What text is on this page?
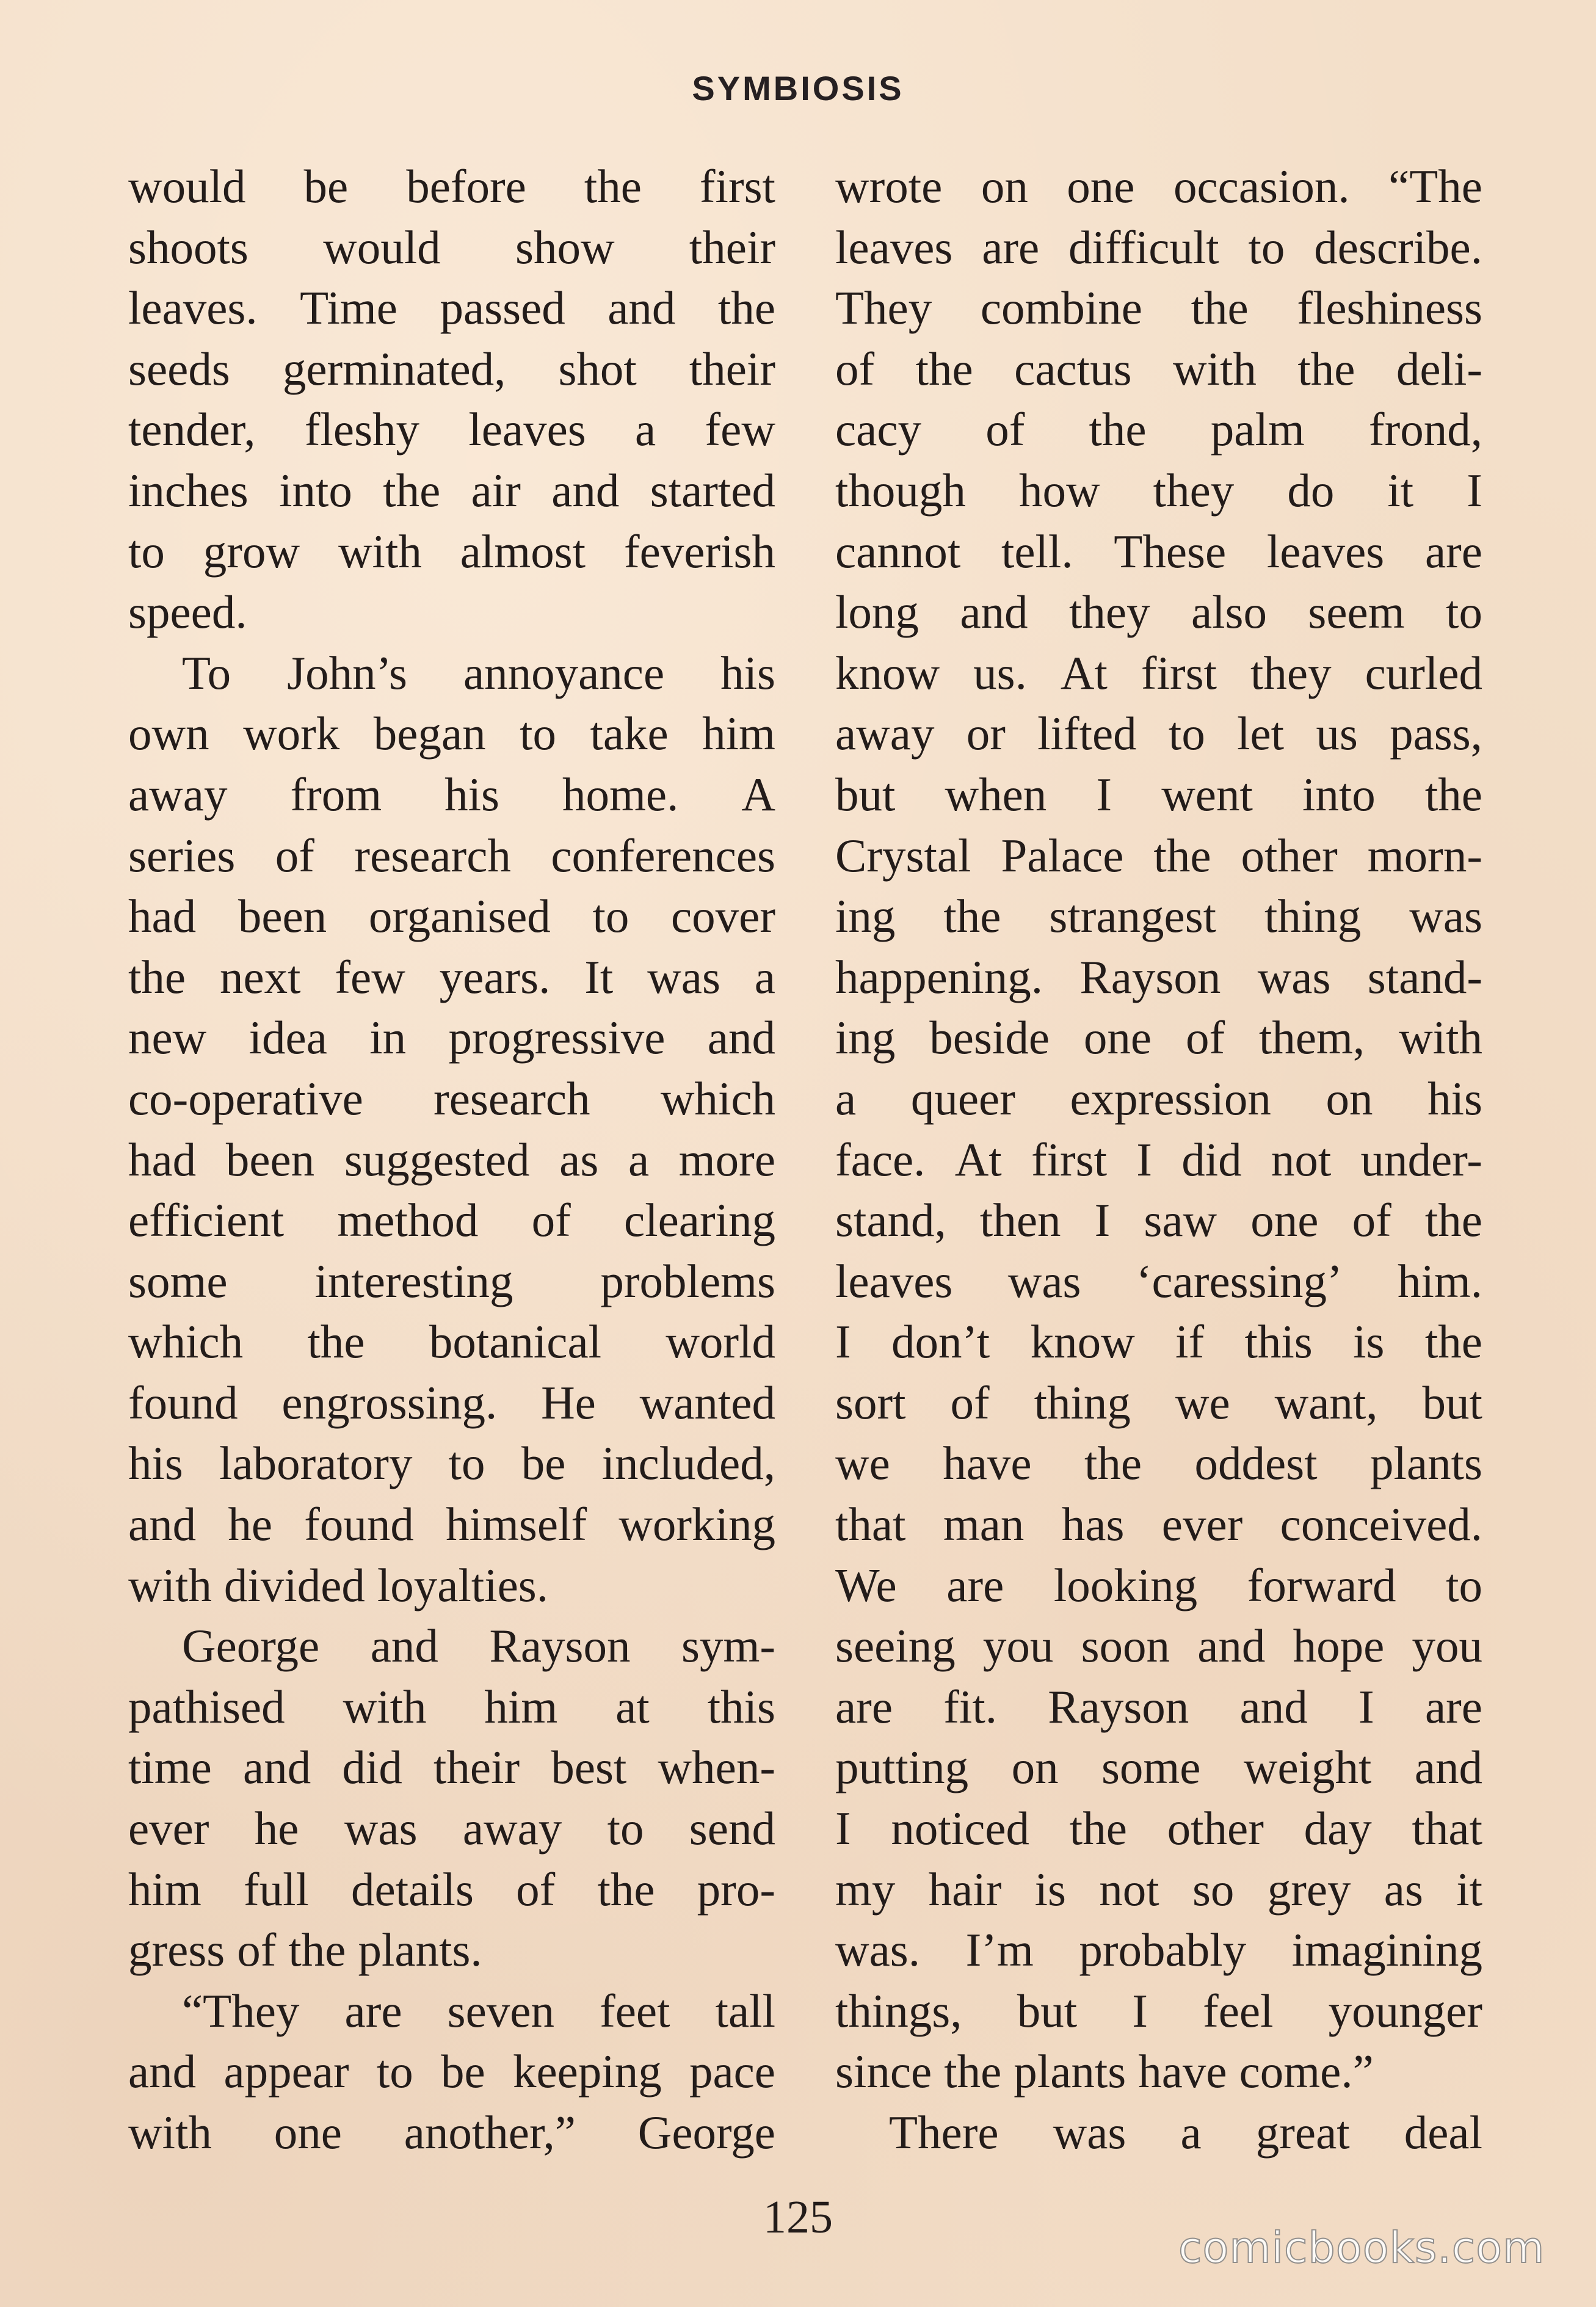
SYMBIOSIS
would be before the first
shoots would show their
leaves. Time passed and the
seeds germinated, shot their
tender, fleshy leaves a few
inches into the air and started
to grow with almost feverish
speed.
To John’s annoyance his
own work began to take him
away from his home. A
series of research conferences
had been organised to cover
the next few years. It was a
new idea in progressive and
co-operative research which
had been suggested as a more
efficient method of clearing
some interesting problems
which the botanical world
found engrossing. He wanted
his laboratory to be included,
and he found himself working
with divided loyalties.
George and Rayson sym-
pathised with him at this
time and did their best when-
ever he was away to send
him full details of the pro-
gress of the plants.
“They are seven feet tall
and appear to be keeping pace
with one another,” George
wrote on one occasion. “The
leaves are difficult to describe.
They combine the fleshiness
of the cactus with the deli-
cacy of the palm frond,
though how they do it I
cannot tell. These leaves are
long and they also seem to
know us. At first they curled
away or lifted to let us pass,
but when I went into the
Crystal Palace the other morn-
ing the strangest thing was
happening. Rayson was stand-
ing beside one of them, with
a queer expression on his
face. At first I did not under-
stand, then I saw one of the
leaves was ‘caressing’ him.
I don’t know if this is the
sort of thing we want, but
we have the oddest plants
that man has ever conceived.
We are looking forward to
seeing you soon and hope you
are fit. Rayson and I are
putting on some weight and
I noticed the other day that
my hair is not so grey as it
was. I’m probably imagining
things, but I feel younger
since the plants have come.”
There was a great deal
125
comicbooks.com
